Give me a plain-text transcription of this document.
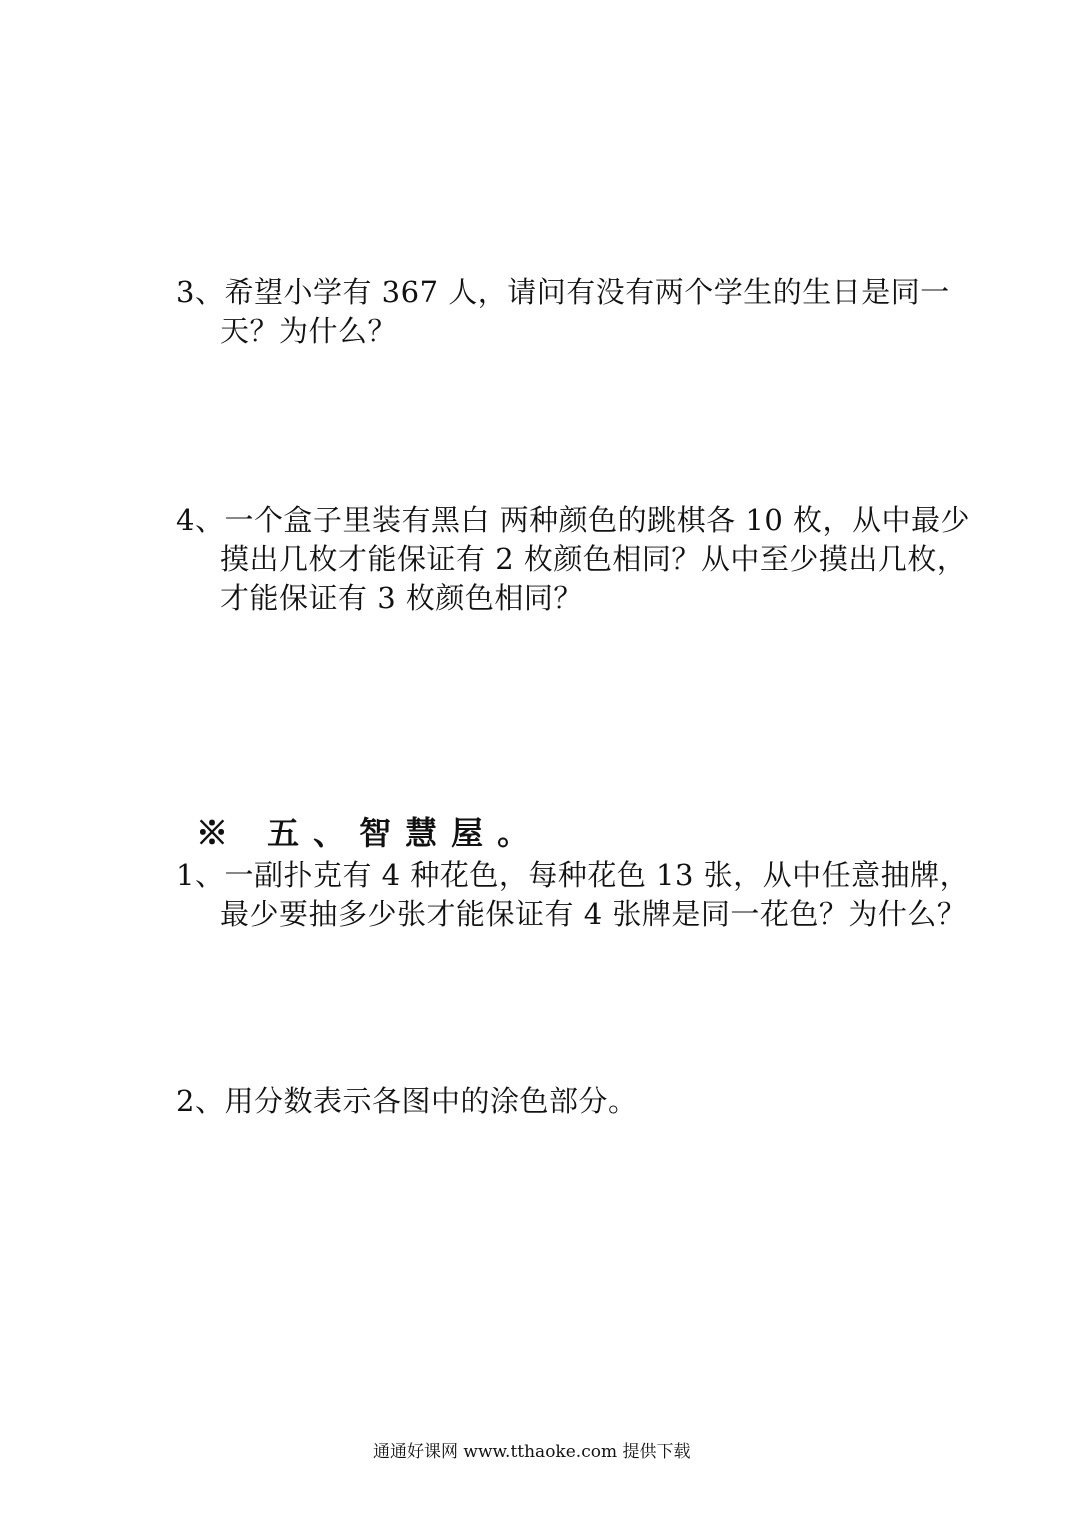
3、希望小学有 367 人，请问有没有两个学生的生日是同一
天？为什么？
4、一个盒子里装有黑白 两种颜色的跳棋各 10 枚，从中最少
摸出几枚才能保证有 2 枚颜色相同？从中至少摸出几枚，
才能保证有 3 枚颜色相同？
※ 五、智慧屋。
1、一副扑克有 4 种花色，每种花色 13 张，从中任意抽牌，
最少要抽多少张才能保证有 4 张牌是同一花色？为什么？
2、用分数表示各图中的涂色部分。
通通好课网 www.tthaoke.com 提供下载
